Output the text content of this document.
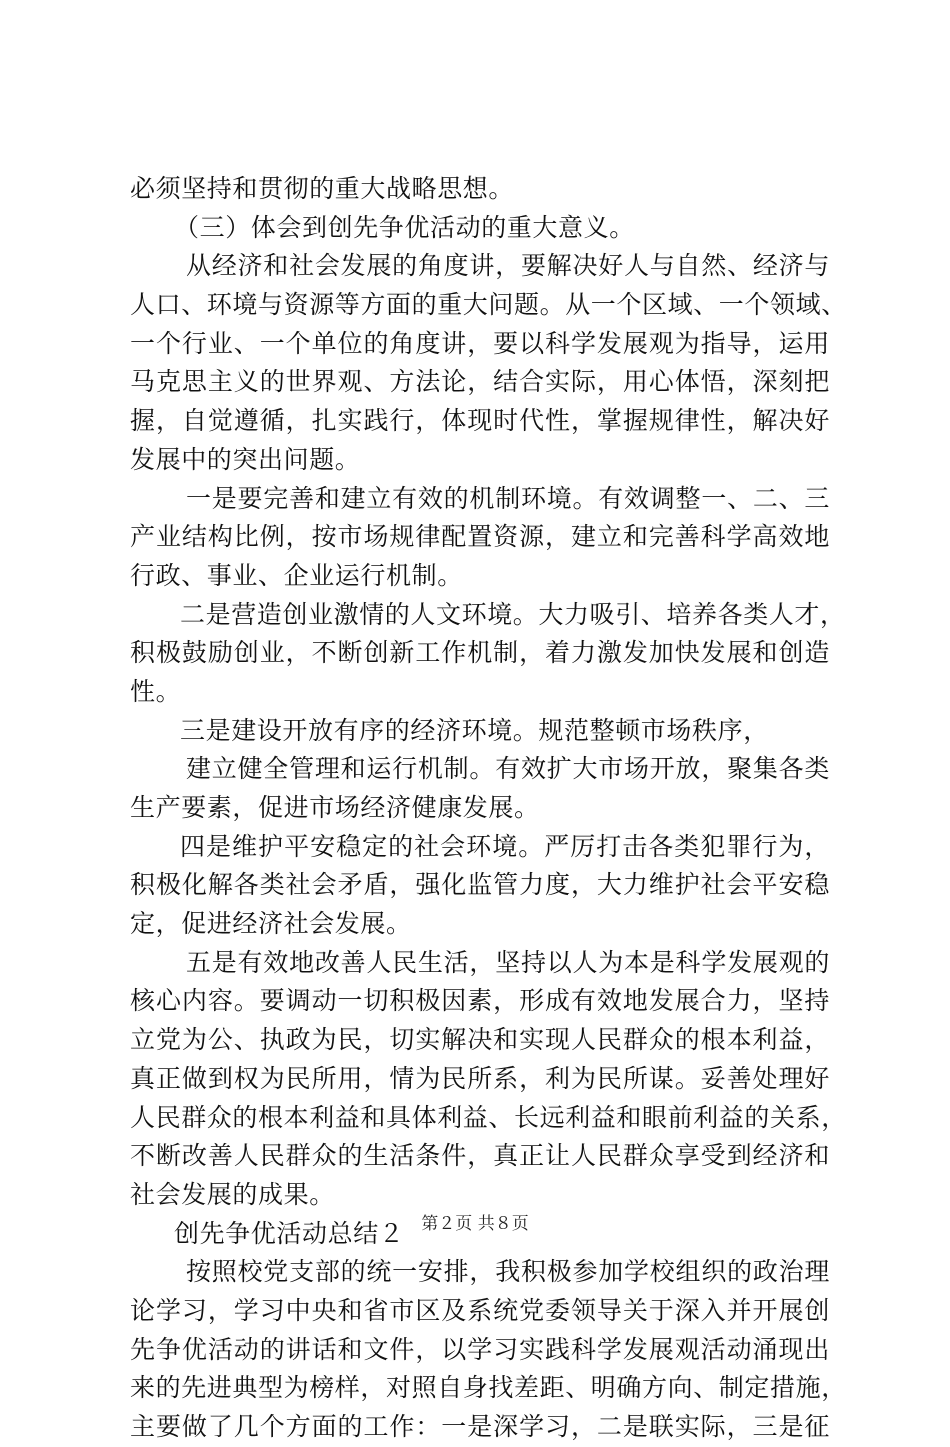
必须坚持和贯彻的重大战略思想。
（三）体会到创先争优活动的重大意义。
从经济和社会发展的角度讲，要解决好人与自然、经济与
人口、环境与资源等方面的重大问题。从一个区域、一个领域、
一个行业、一个单位的角度讲，要以科学发展观为指导，运用
马克思主义的世界观、方法论，结合实际，用心体悟，深刻把
握，自觉遵循，扎实践行，体现时代性，掌握规律性，解决好
发展中的突出问题。
一是要完善和建立有效的机制环境。有效调整一、二、三
产业结构比例，按市场规律配置资源，建立和完善科学高效地
行政、事业、企业运行机制。
二是营造创业激情的人文环境。大力吸引、培养各类人才，
积极鼓励创业，不断创新工作机制，着力激发加快发展和创造
性。
三是建设开放有序的经济环境。规范整顿市场秩序，
建立健全管理和运行机制。有效扩大市场开放，聚集各类
生产要素，促进市场经济健康发展。
四是维护平安稳定的社会环境。严厉打击各类犯罪行为，
积极化解各类社会矛盾，强化监管力度，大力维护社会平安稳
定，促进经济社会发展。
五是有效地改善人民生活，坚持以人为本是科学发展观的
核心内容。要调动一切积极因素，形成有效地发展合力，坚持
立党为公、执政为民，切实解决和实现人民群众的根本利益，
真正做到权为民所用，情为民所系，利为民所谋。妥善处理好
人民群众的根本利益和具体利益、长远利益和眼前利益的关系，
不断改善人民群众的生活条件，真正让人民群众享受到经济和
社会发展的成果。
创先争优活动总结２
按照校党支部的统一安排，我积极参加学校组织的政治理
论学习，学习中央和省市区及系统党委领导关于深入并开展创
先争优活动的讲话和文件，以学习实践科学发展观活动涌现出
来的先进典型为榜样，对照自身找差距、明确方向、制定措施，
主要做了几个方面的工作：一是深学习，二是联实际，三是征
第２页 共８页
